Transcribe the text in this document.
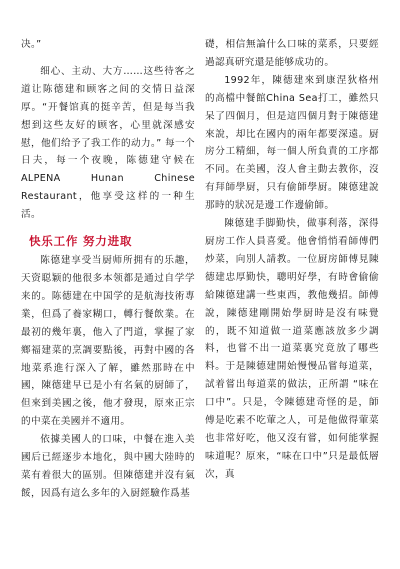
决。”

细心、主动、大方……这些待客之道让陈德建和顾客之间的交情日益深厚。“开餐馆真的挺辛苦，但是每当我想到这些友好的顾客，心里就深感安慰，他们给予了我工作的动力。” 每一个日夫，每一个夜晚，陈德建守候在ALPENA Hunan Chinese Restaurant，他享受这样的一种生活。

快乐工作 努力进取

陈德建享受当厨师所拥有的乐趣，天资聪颖的他很多本领都是通过自学学来的。陈德建在中国学的是航海技術專業，但爲了養家糊口，轉行餐飲業。在最初的幾年裏，他入了門道，掌握了家鄉福建菜的烹調要點後，再對中國的各地菜系進行深入了解，雖然那時在中國，陳德建早已是小有名氣的厨師了，但來到美國之後，他才發現，原來正宗的中菜在美國并不適用。

依據美國人的口味，中餐在進入美國后已經逐步本地化，與中國大陸時的菜有着很大的區别。但陳德建并沒有氣餒，因爲有這么多年的入厨經驗作爲基

礎，相信無論什么口味的菜系，只要經過認真研究還是能够成功的。

1992年，陳德建來到康涅狄格州的高檔中餐館China Sea打工，雖然只呆了四個月，但是這四個月對于陳德建來說，却比在國内的兩年都要深遠。厨房分工精細，每一個人所負責的工序都不同。在美國，沒人會主動去教你，沒有拜師學厨，只有偷師學厨。陳德建說那時的狀况是邊工作邊偷師。

陳德建手脚勤快，做事利落，深得厨房工作人員喜愛。他會悄悄看師傅們炒菜，向別人請教。一位厨房師傅見陳德建忠厚勤快，聰明好學，有時會偷偷給陳德建講一些東西，教他幾招。師傅說，陳德建剛開始學厨時是沒有味覺的，既不知道做一道菜應該放多少調料，也嘗不出一道菜裏究竟放了哪些料。于是陳德建開始慢慢品嘗每道菜，試着嘗出每道菜的做法，正所謂 “味在口中”。只是，令陳德建奇怪的是，師傅是吃素不吃葷之人，可是他做得葷菜也非常好吃，他又沒有嘗，如何能掌握味道呢？原來，“味在口中”只是最低層次，真
